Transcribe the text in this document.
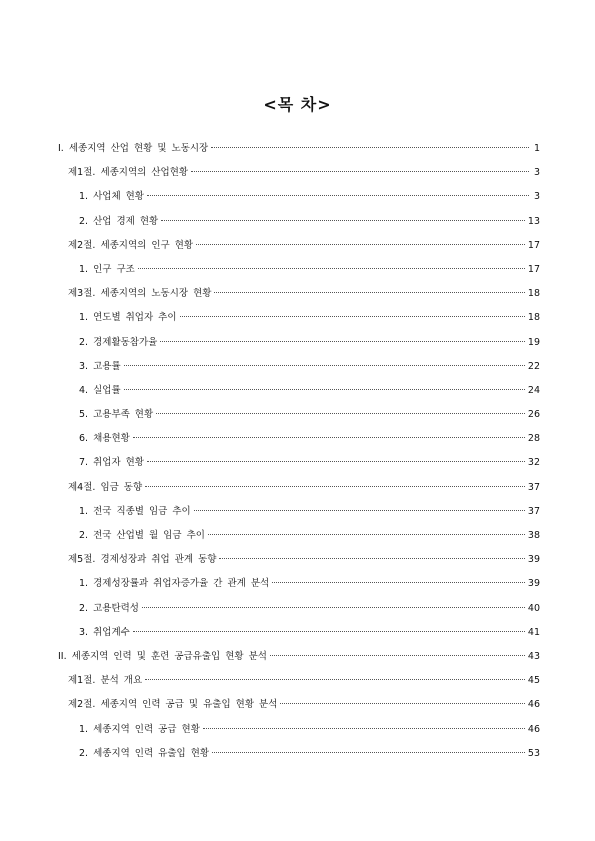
<목 차>
I. 세종지역 산업 현황 및 노동시장	1
제1절. 세종지역의 산업현황	3
1. 사업체 현황	3
2. 산업 경제 현황	13
제2절. 세종지역의 인구 현황	17
1. 인구 구조	17
제3절. 세종지역의 노동시장 현황	18
1. 연도별 취업자 추이	18
2. 경제활동참가율	19
3. 고용률	22
4. 실업률	24
5. 고용부족 현황	26
6. 채용현황	28
7. 취업자 현황	32
제4절. 임금 동향	37
1. 전국 직종별 임금 추이	37
2. 전국 산업별 월 임금 추이	38
제5절. 경제성장과 취업 관계 동향	39
1. 경제성장률과 취업자증가율 간 관계 분석	39
2. 고용탄력성	40
3. 취업계수	41
II. 세종지역 인력 및 훈련 공급유출입 현황 분석	43
제1절. 분석 개요	45
제2절. 세종지역 인력 공급 및 유출입 현황 분석	46
1. 세종지역 인력 공급 현황	46
2. 세종지역 인력 유출입 현황	53
